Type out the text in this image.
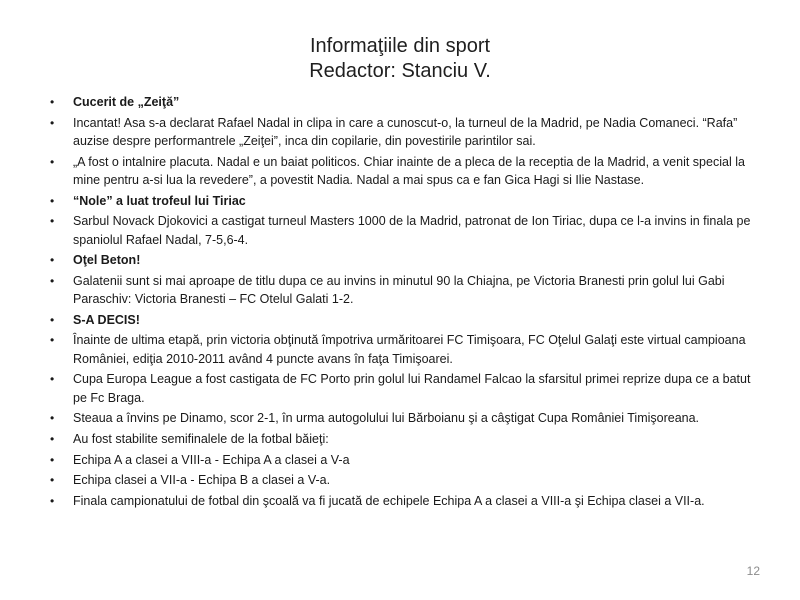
Informaţiile din sport
Redactor: Stanciu V.
• Cucerit de „Zeiţă”
• Incantat! Asa s-a declarat Rafael Nadal in clipa in care a cunoscut-o, la turneul de la Madrid, pe Nadia Comaneci. “Rafa” auzise despre performantrele „Zeiţei”, inca din copilarie, din povestirile parintilor sai.
• „A fost o intalnire placuta. Nadal e un baiat politicos. Chiar inainte de a pleca de la receptia de la Madrid, a venit special la mine pentru a-si lua la revedere”, a povestit Nadia. Nadal a mai spus ca e fan Gica Hagi si Ilie Nastase.
• “Nole” a luat trofeul lui Tiriac
• Sarbul Novack Djokovici a castigat turneul Masters 1000 de la Madrid, patronat de Ion Tiriac, dupa ce l-a invins in finala pe spaniolul Rafael Nadal, 7-5,6-4.
• Oţel Beton!
• Galatenii sunt si mai aproape de titlu dupa ce au invins in minutul 90 la Chiajna, pe Victoria Branesti prin golul lui Gabi Paraschiv: Victoria Branesti – FC Otelul Galati 1-2.
• S-A DECIS!
• Înainte de ultima etapă, prin victoria obţinută împotriva urmăritoarei FC Timişoara, FC Oţelul Galaţi este virtual campioana României, ediţia 2010-2011 având 4 puncte avans în faţa Timişoarei.
• Cupa Europa League a fost castigata de FC Porto prin golul lui Randamel Falcao la sfarsitul primei reprize dupa ce a batut pe Fc Braga.
• Steaua a învins pe Dinamo, scor 2-1, în urma autogolului lui Bărboianu şi a câştigat Cupa României Timişoreana.
• Au fost stabilite semifinalele de la fotbal băieţi:
• Echipa A a clasei a VIII-a - Echipa A a clasei a V-a
• Echipa clasei a VII-a - Echipa B a clasei a V-a.
• Finala campionatului de fotbal din şcoală va fi jucată de echipele Echipa A a clasei a VIII-a şi Echipa clasei a VII-a.
12
